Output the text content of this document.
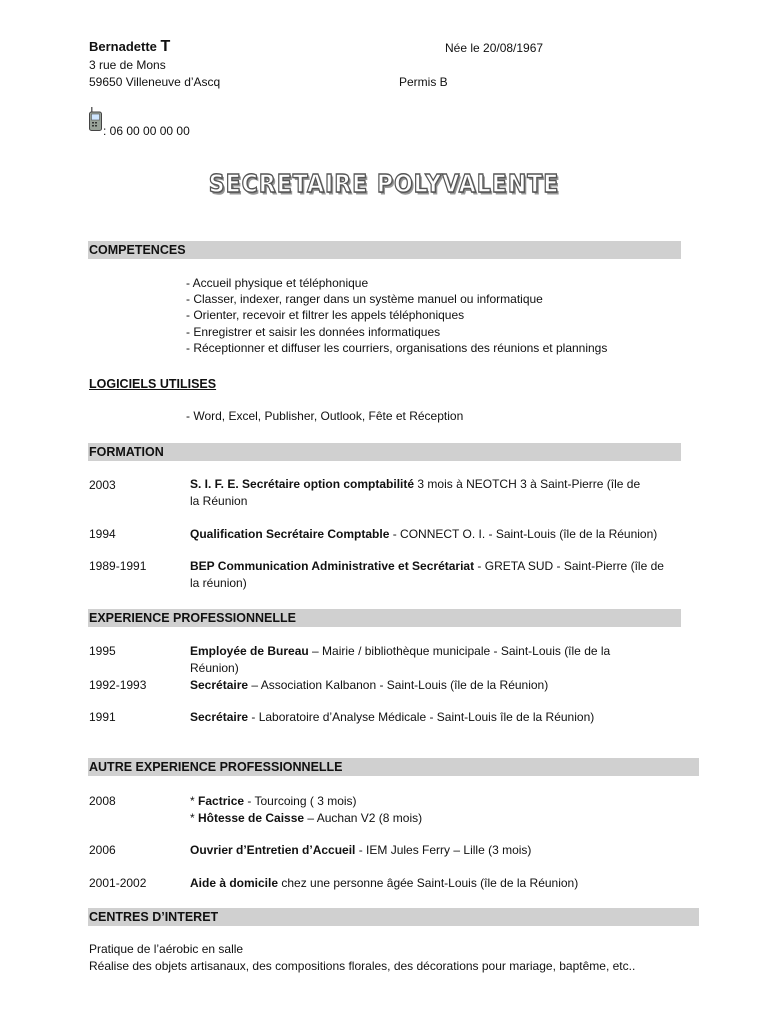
Bernadette T
3 rue de Mons
59650 Villeneuve d’Ascq
Née le 20/08/1967
Permis B
: 06 00 00 00 00
SECRETAIRE POLYVALENTE
COMPETENCES
- Accueil physique et téléphonique
- Classer, indexer, ranger dans un système manuel ou informatique
- Orienter, recevoir et filtrer les appels téléphoniques
- Enregistrer et saisir les données informatiques
- Réceptionner et diffuser les courriers, organisations des réunions et plannings
LOGICIELS UTILISES
- Word, Excel, Publisher, Outlook, Fête et Réception
FORMATION
2003	S. I. F. E. Secrétaire option comptabilité 3 mois à NEOTCH 3 à Saint-Pierre (île de la Réunion
1994	Qualification Secrétaire Comptable - CONNECT O. I. - Saint-Louis (île de la Réunion)
1989-1991	BEP Communication Administrative et Secrétariat - GRETA SUD - Saint-Pierre (île de la réunion)
EXPERIENCE PROFESSIONNELLE
1995	Employée de Bureau – Mairie / bibliothèque municipale - Saint-Louis (île de la Réunion)
1992-1993	Secrétaire – Association Kalbanon - Saint-Louis (île de la Réunion)
1991	Secrétaire - Laboratoire d’Analyse Médicale - Saint-Louis île de la Réunion)
AUTRE EXPERIENCE PROFESSIONNELLE
2008	* Factrice - Tourcoing ( 3 mois)
* Hôtesse de Caisse – Auchan V2 (8 mois)
2006	Ouvrier d’Entretien d’Accueil - IEM Jules Ferry – Lille (3 mois)
2001-2002	Aide à domicile chez une personne âgée Saint-Louis (île de la Réunion)
CENTRES D’INTERET
Pratique de l’aérobic en salle
Réalise des objets artisanaux, des compositions florales, des décorations pour mariage, baptême, etc..
